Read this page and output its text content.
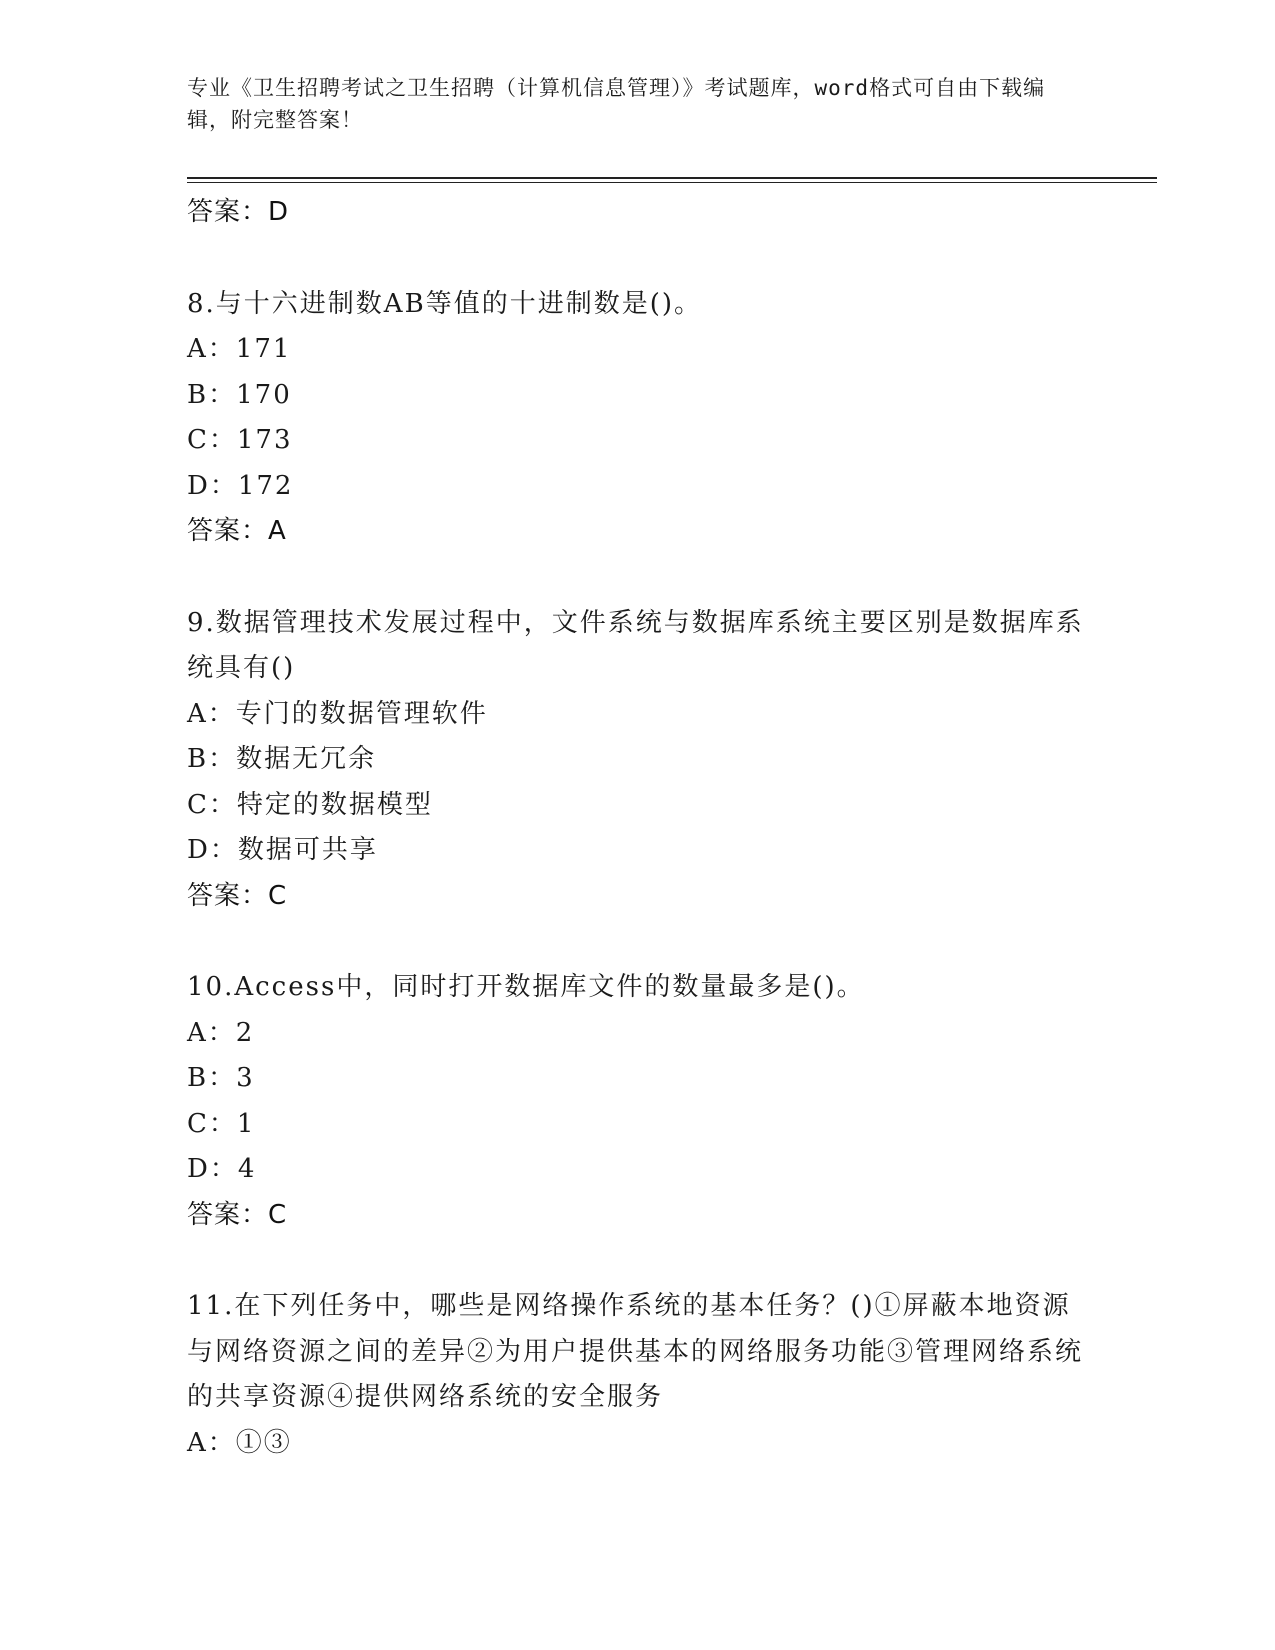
专业《卫生招聘考试之卫生招聘（计算机信息管理）》考试题库，word格式可自由下载编辑，附完整答案！
答案：D
8.与十六进制数AB等值的十进制数是()。
A：171
B：170
C：173
D：172
答案：A
9.数据管理技术发展过程中，文件系统与数据库系统主要区别是数据库系统具有()
A：专门的数据管理软件
B：数据无冗余
C：特定的数据模型
D：数据可共享
答案：C
10.Access中，同时打开数据库文件的数量最多是()。
A：2
B：3
C：1
D：4
答案：C
11.在下列任务中，哪些是网络操作系统的基本任务？()①屏蔽本地资源与网络资源之间的差异②为用户提供基本的网络服务功能③管理网络系统的共享资源④提供网络系统的安全服务
A：①③
